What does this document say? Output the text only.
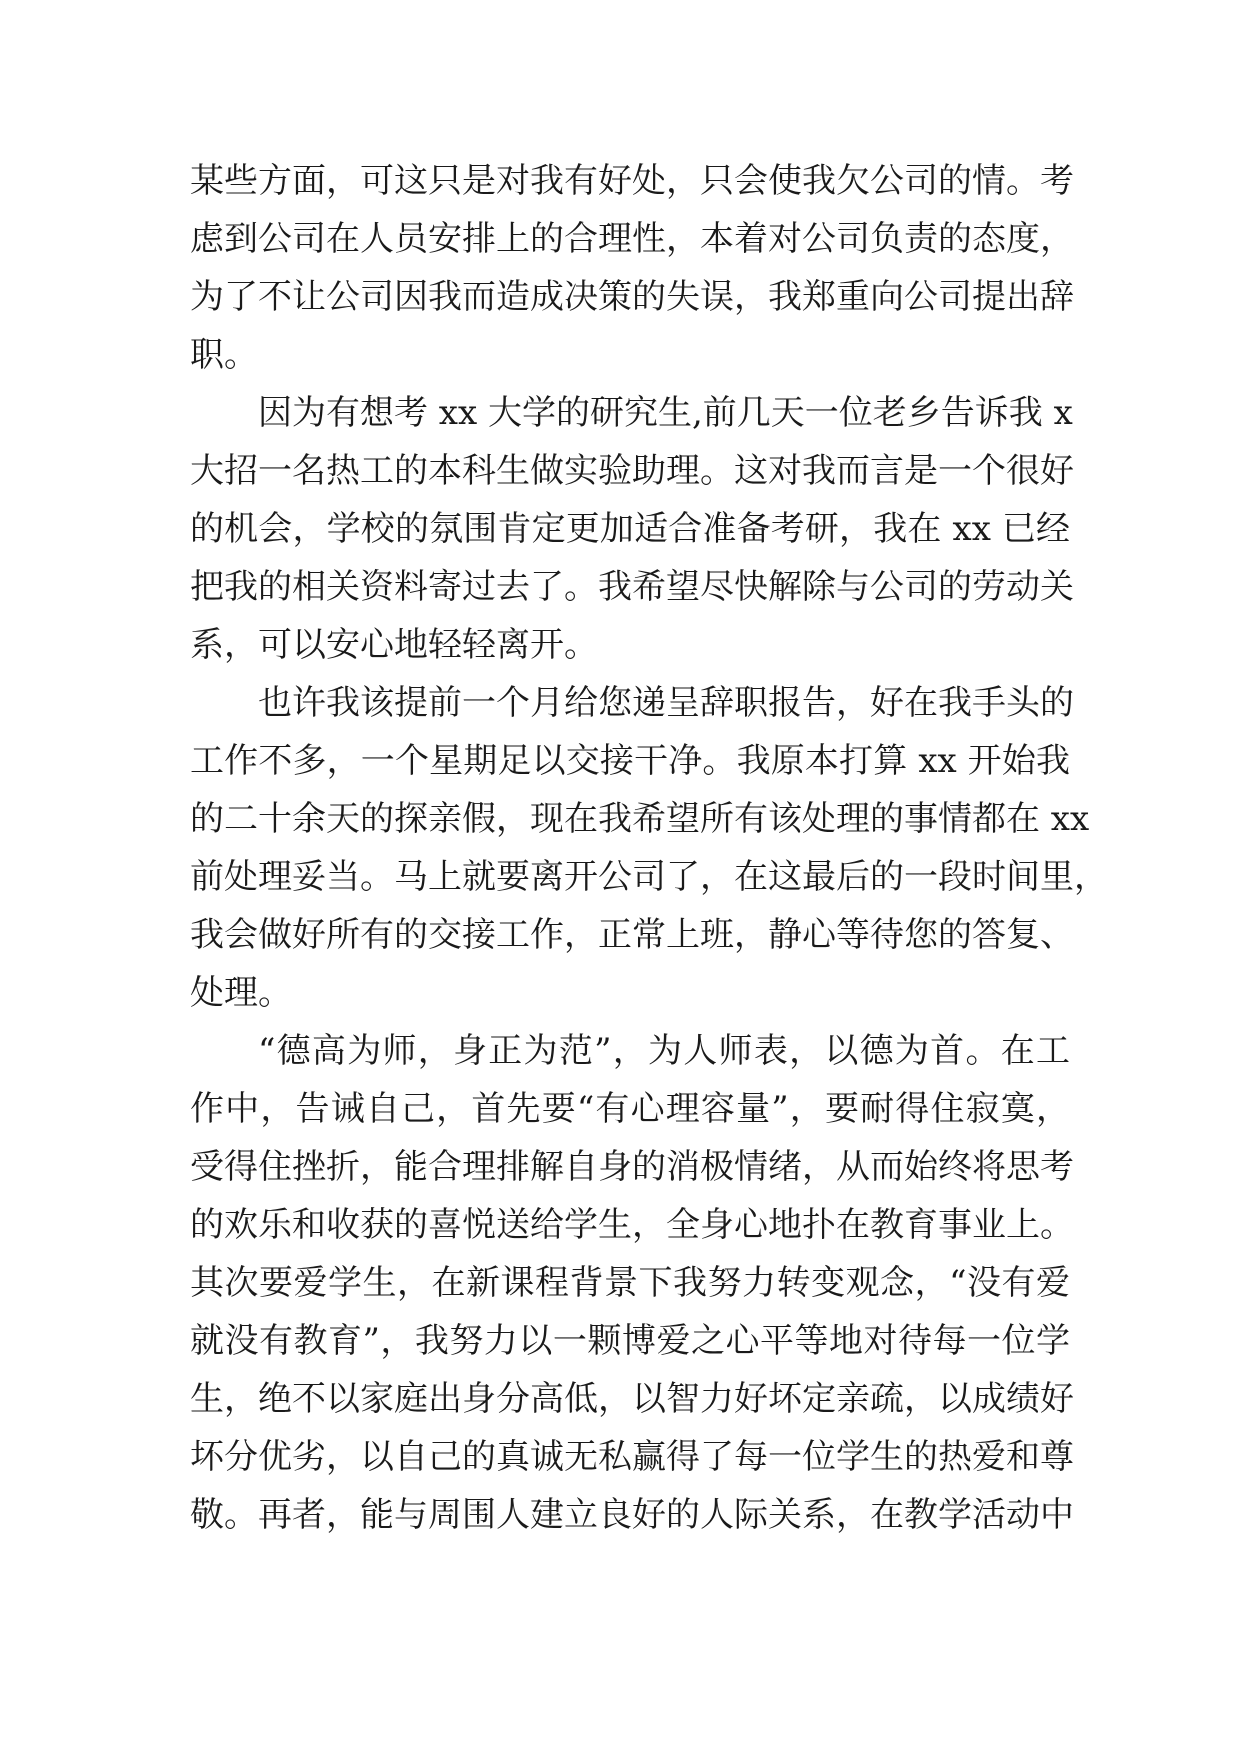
某些方面，可这只是对我有好处，只会使我欠公司的情。考
虑到公司在人员安排上的合理性，本着对公司负责的态度，
为了不让公司因我而造成决策的失误，我郑重向公司提出辞
职。
因为有想考 xx 大学的研究生,前几天一位老乡告诉我 x
大招一名热工的本科生做实验助理。这对我而言是一个很好
的机会，学校的氛围肯定更加适合准备考研，我在 xx 已经
把我的相关资料寄过去了。我希望尽快解除与公司的劳动关
系，可以安心地轻轻离开。
也许我该提前一个月给您递呈辞职报告，好在我手头的
工作不多，一个星期足以交接干净。我原本打算 xx 开始我
的二十余天的探亲假，现在我希望所有该处理的事情都在 xx
前处理妥当。马上就要离开公司了，在这最后的一段时间里，
我会做好所有的交接工作，正常上班，静心等待您的答复、
处理。
“德高为师，身正为范”，为人师表，以德为首。在工
作中，告诫自己，首先要“有心理容量”，要耐得住寂寞，
受得住挫折，能合理排解自身的消极情绪，从而始终将思考
的欢乐和收获的喜悦送给学生，全身心地扑在教育事业上。
其次要爱学生，在新课程背景下我努力转变观念，“没有爱
就没有教育”，我努力以一颗博爱之心平等地对待每一位学
生，绝不以家庭出身分高低，以智力好坏定亲疏，以成绩好
坏分优劣，以自己的真诚无私赢得了每一位学生的热爱和尊
敬。再者，能与周围人建立良好的人际关系，在教学活动中
